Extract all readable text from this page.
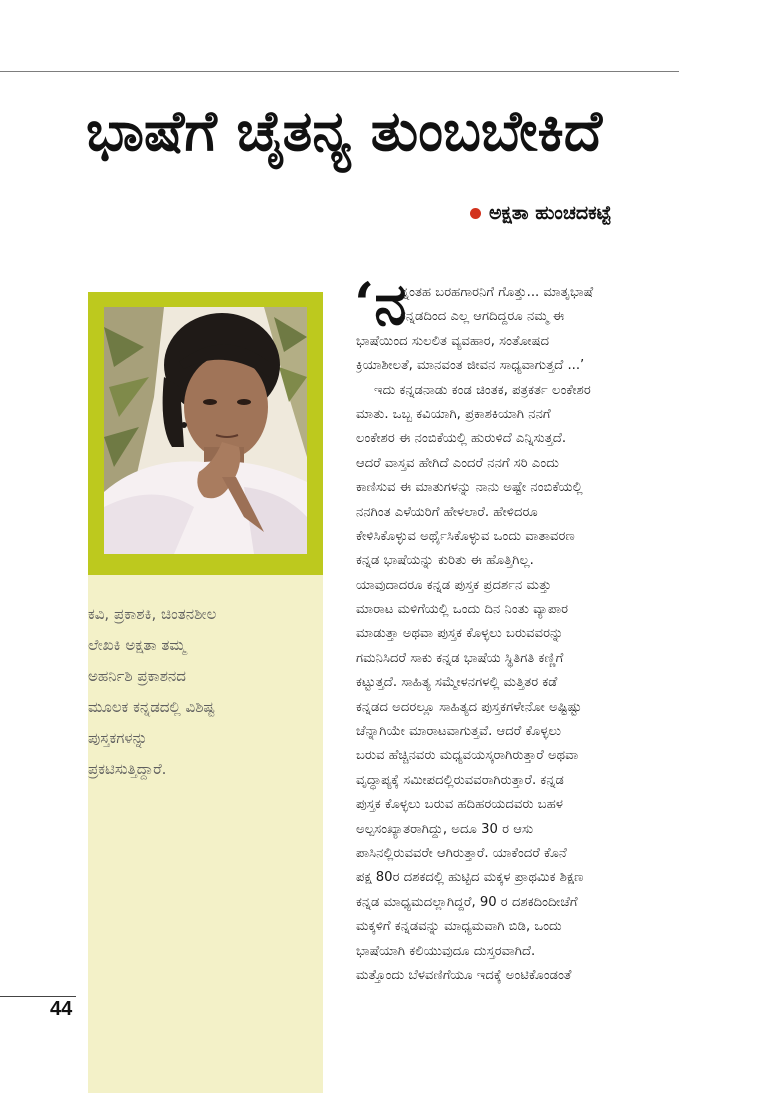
ಭಾಷೆಗೆ ಚೈತನ್ಯ ತುಂಬಬೇಕಿದೆ
ಅಕ್ಷತಾ ಹುಂಚದಕಟ್ಟೆ
ಕವಿ, ಪ್ರಕಾಶಕಿ, ಚಿಂತನಶೀಲ
ಲೇಖಕಿ ಅಕ್ಷತಾ ತಮ್ಮ
ಅಹರ್ನಿಶಿ ಪ್ರಕಾಶನದ
ಮೂಲಕ ಕನ್ನಡದಲ್ಲಿ ವಿಶಿಷ್ಟ
ಪುಸ್ತಕಗಳನ್ನು
ಪ್ರಕಟಿಸುತ್ತಿದ್ದಾರೆ.
‘ನ
ನ್ನಂತಹ ಬರಹಗಾರನಿಗೆ ಗೊತ್ತು... ಮಾತೃಭಾಷೆ
ಕನ್ನಡದಿಂದ ಎಲ್ಲ ಆಗದಿದ್ದರೂ ನಮ್ಮ ಈ
ಭಾಷೆಯಿಂದ ಸುಲಲಿತ ವ್ಯವಹಾರ, ಸಂತೋಷದ
ಕ್ರಿಯಾಶೀಲತೆ, ಮಾನವಂತ ಜೀವನ ಸಾಧ್ಯವಾಗುತ್ತದೆ ...’
ಇದು ಕನ್ನಡನಾಡು ಕಂಡ ಚಿಂತಕ, ಪತ್ರಕರ್ತ ಲಂಕೇಶರ
ಮಾತು. ಒಬ್ಬ ಕವಿಯಾಗಿ, ಪ್ರಕಾಶಕಿಯಾಗಿ ನನಗೆ
ಲಂಕೇಶರ ಈ ನಂಬಿಕೆಯಲ್ಲಿ ಹುರುಳಿದೆ ಎನ್ನಿಸುತ್ತದೆ.
ಆದರೆ ವಾಸ್ತವ ಹೇಗಿದೆ ಎಂದರೆ ನನಗೆ ಸರಿ ಎಂದು
ಕಾಣಿಸುವ ಈ ಮಾತುಗಳನ್ನು ನಾನು ಅಷ್ಟೇ ನಂಬಿಕೆಯಲ್ಲಿ
ನನಗಿಂತ ಎಳೆಯರಿಗೆ ಹೇಳಲಾರೆ. ಹೇಳಿದರೂ
ಕೇಳಿಸಿಕೊಳ್ಳುವ ಅರ್ಥೈಸಿಕೊಳ್ಳುವ ಒಂದು ವಾತಾವರಣ
ಕನ್ನಡ ಭಾಷೆಯನ್ನು ಕುರಿತು ಈ ಹೊತ್ತಿಗಿಲ್ಲ.
ಯಾವುದಾದರೂ ಕನ್ನಡ ಪುಸ್ತಕ ಪ್ರದರ್ಶನ ಮತ್ತು
ಮಾರಾಟ ಮಳಿಗೆಯಲ್ಲಿ ಒಂದು ದಿನ ನಿಂತು ವ್ಯಾಪಾರ
ಮಾಡುತ್ತಾ ಅಥವಾ ಪುಸ್ತಕ ಕೊಳ್ಳಲು ಬರುವವರನ್ನು
ಗಮನಿಸಿದರೆ ಸಾಕು ಕನ್ನಡ ಭಾಷೆಯ ಸ್ಥಿತಿಗತಿ ಕಣ್ಣಿಗೆ
ಕಟ್ಟುತ್ತದೆ. ಸಾಹಿತ್ಯ ಸಮ್ಮೇಳನಗಳಲ್ಲಿ ಮತ್ತಿತರ ಕಡೆ
ಕನ್ನಡದ ಅದರಲ್ಲೂ ಸಾಹಿತ್ಯದ ಪುಸ್ತಕಗಳೇನೋ ಅಷ್ಟಿಷ್ಟು
ಚೆನ್ನಾಗಿಯೇ ಮಾರಾಟವಾಗುತ್ತವೆ. ಆದರೆ ಕೊಳ್ಳಲು
ಬರುವ ಹೆಚ್ಚಿನವರು ಮಧ್ಯವಯಸ್ಕರಾಗಿರುತ್ತಾರೆ ಅಥವಾ
ವೃದ್ಧಾಪ್ಯಕ್ಕೆ ಸಮೀಪದಲ್ಲಿರುವವರಾಗಿರುತ್ತಾರೆ. ಕನ್ನಡ
ಪುಸ್ತಕ ಕೊಳ್ಳಲು ಬರುವ ಹದಿಹರಯದವರು ಬಹಳ
ಅಲ್ಪಸಂಖ್ಯಾತರಾಗಿದ್ದು, ಅದೂ 30 ರ ಆಸು
ಪಾಸಿನಲ್ಲಿರುವವರೇ ಆಗಿರುತ್ತಾರೆ. ಯಾಕೆಂದರೆ ಕೊನೆ
ಪಕ್ಷ 80ರ ದಶಕದಲ್ಲಿ ಹುಟ್ಟಿದ ಮಕ್ಕಳ ಪ್ರಾಥಮಿಕ ಶಿಕ್ಷಣ
ಕನ್ನಡ ಮಾಧ್ಯಮದಲ್ಲಾಗಿದ್ದರೆ, 90 ರ ದಶಕದಿಂದೀಚೆಗೆ
ಮಕ್ಕಳಿಗೆ ಕನ್ನಡವನ್ನು ಮಾಧ್ಯಮವಾಗಿ ಬಿಡಿ, ಒಂದು
ಭಾಷೆಯಾಗಿ ಕಲಿಯುವುದೂ ದುಸ್ತರವಾಗಿದೆ.
ಮತ್ತೊಂದು ಬೆಳವಣಿಗೆಯೂ ಇದಕ್ಕೆ ಅಂಟಿಕೊಂಡಂತೆ
44
